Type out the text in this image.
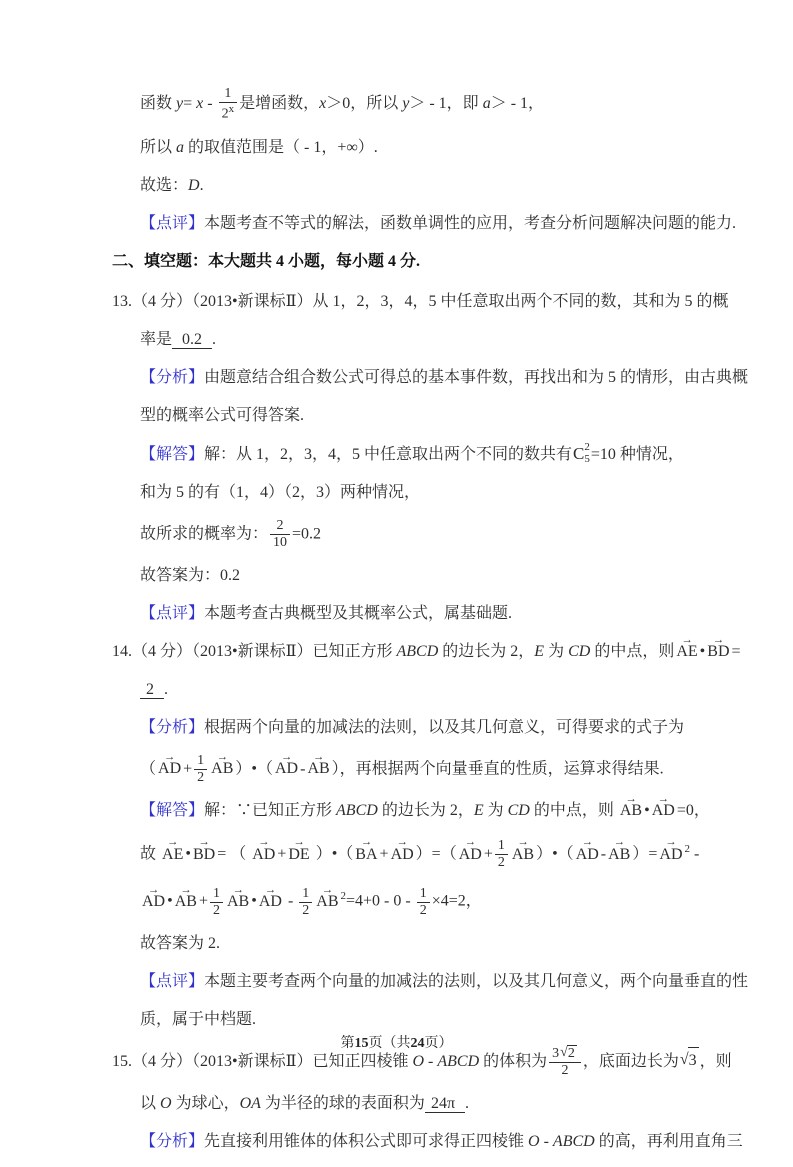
函数 $y= x - \frac{1}{2^x}$ 是增函数，x＞0，所以 y＞ - 1，即 a＞ - 1，
所以 a 的取值范围是（ - 1，+∞）.
故选：D.
【点评】本题考查不等式的解法，函数单调性的应用，考查分析问题解决问题的能力.
二、填空题：本大题共 4 小题，每小题 4 分.
13.（4 分）（2013•新课标Ⅱ）从 1，2，3，4，5 中任意取出两个不同的数，其和为 5 的概
率是  0.2  .
【分析】由题意结合组合数公式可得总的基本事件数，再找出和为 5 的情形，由古典概
型的概率公式可得答案.
【解答】解：从 1，2，3，4，5 中任意取出两个不同的数共有 C 2
5 =10 种情况，
和为 5 的有（1，4）（2，3）两种情况，
故所求的概率为： $\frac{2}{10} =0.2$
故答案为：0.2
【点评】本题考查古典概型及其概率公式，属基础题.
14.（4 分）（2013•新课标Ⅱ）已知正方形 ABCD 的边长为 2，E 为 CD 的中点，则 → AE • → BD =
2  .
【分析】根据两个向量的加减法的法则，以及其几何意义，可得要求的式子为
（ → AD + $\frac{1}{2}$ → AB ）•（ → AD - → AB ），再根据两个向量垂直的性质，运算求得结果.
【解答】解：∵已知正方形 ABCD 的边长为 2，E 为 CD 的中点，则 → AB • → AD =0，
故 → AE • → BD = （ → AD + → DE ）•（ → BA + → AD ）=（ → AD + $\frac{1}{2}$ → AB ）•（ → AD - → AB ）= → AD $^2$ -
→ AD • → AB + $\frac{1}{2}$ → AB • → AD - $\frac{1}{2}$ → AB $^2=4+0 - 0 - \frac{1}{2} \times 4=2$，
故答案为 2.
【点评】本题主要考查两个向量的加减法的法则，以及其几何意义，两个向量垂直的性
质，属于中档题.
15.（4 分）（2013•新课标Ⅱ）已知正四棱锥 O - ABCD 的体积为 $\frac{3√2}{2}$ ，底面边长为√3 ，则
以 O 为球心，OA 为半径的球的表面积为 24π  .
【分析】先直接利用锥体的体积公式即可求得正四棱锥 O - ABCD 的高，再利用直角三
第15页（共24页）
